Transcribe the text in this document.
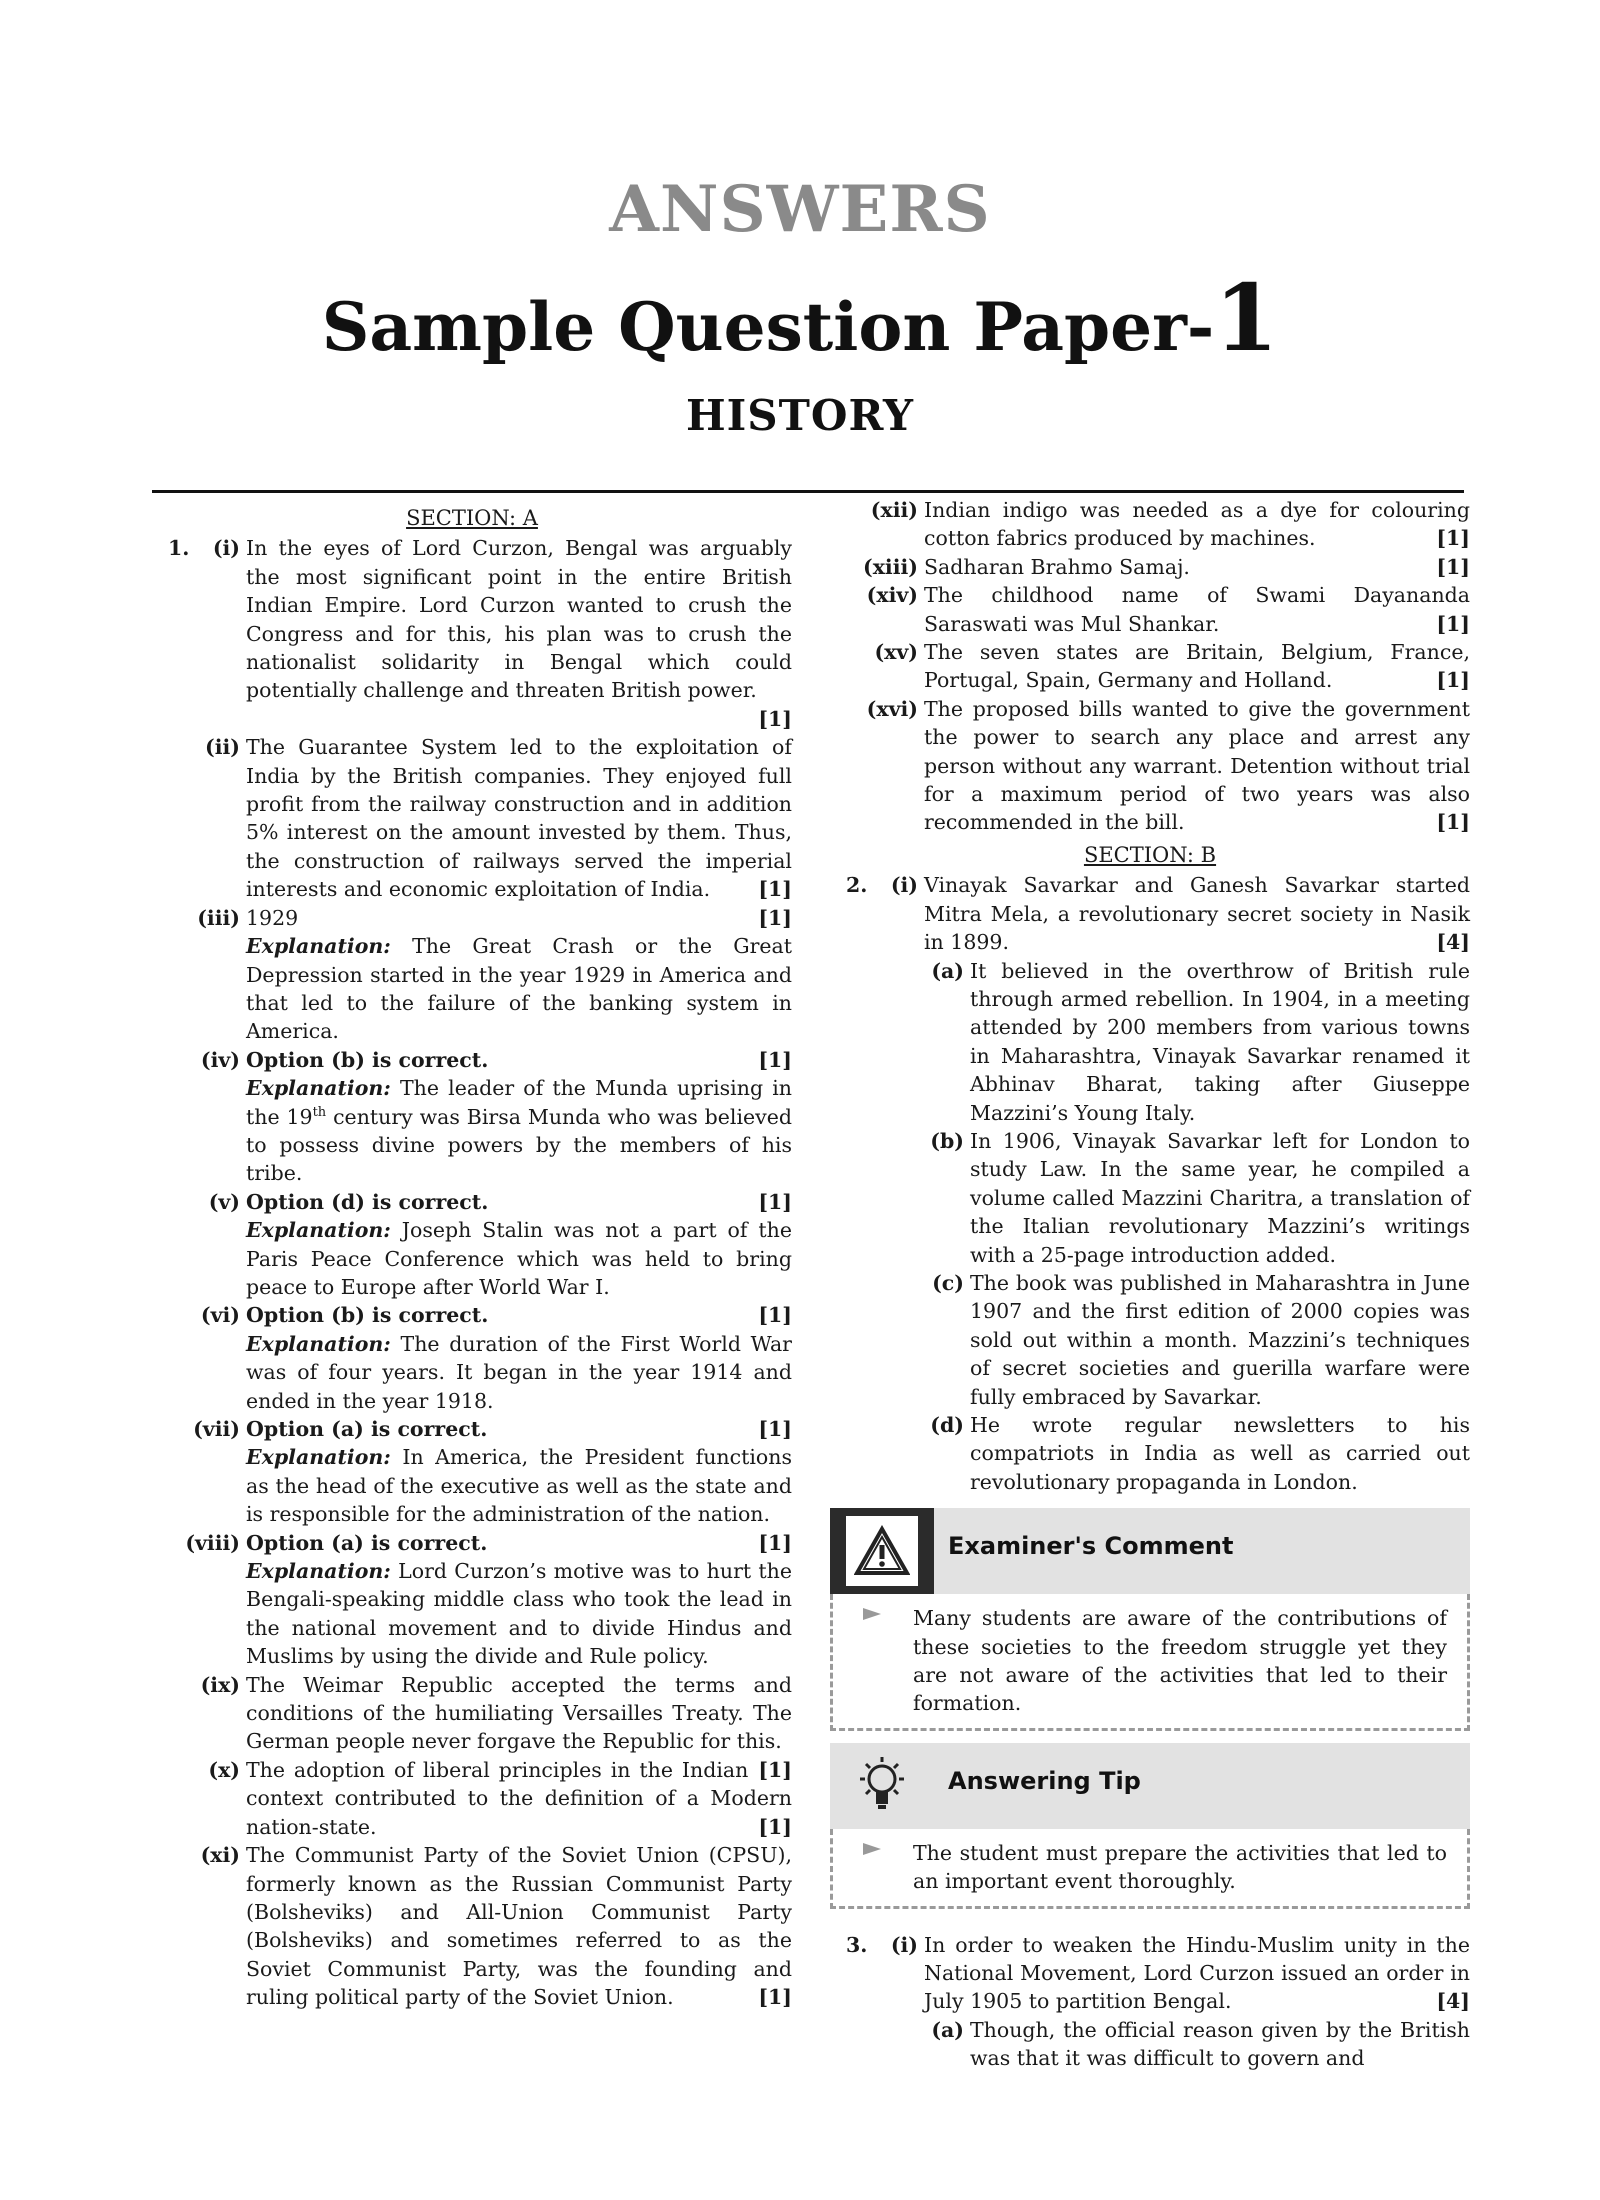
ANSWERS
Sample Question Paper-1
HISTORY
SECTION: A
1.	(i) In the eyes of Lord Curzon, Bengal was arguably the most significant point in the entire British Indian Empire. Lord Curzon wanted to crush the Congress and for this, his plan was to crush the nationalist solidarity in Bengal which could potentially challenge and threaten British power.
[1]
(ii) The Guarantee System led to the exploitation of India by the British companies. They enjoyed full profit from the railway construction and in addition 5% interest on the amount invested by them. Thus, the construction of railways served the imperial interests and economic exploitation of India. [1]
(iii)	[1]
1929
Explanation: The Great Crash or the Great Depression started in the year 1929 in America and that led to the failure of the banking system in America.
(iv)	[1]
Option (b) is correct.
Explanation: The leader of the Munda uprising in the 19th century was Birsa Munda who was believed to possess divine powers by the members of his tribe.
(v)	[1]
Option (d) is correct.
Explanation: Joseph Stalin was not a part of the Paris Peace Conference which was held to bring peace to Europe after World War I.
(vi)	[1]
Option (b) is correct.
Explanation: The duration of the First World War was of four years. It began in the year 1914 and ended in the year 1918.
(vii)	[1]
Option (a) is correct.
Explanation: In America, the President functions as the head of the executive as well as the state and is responsible for the administration of the nation.
(viii)	[1]
Option (a) is correct.
Explanation: Lord Curzon’s motive was to hurt the Bengali-speaking middle class who took the lead in the national movement and to divide Hindus and Muslims by using the divide and Rule policy.
(ix) The Weimar Republic accepted the terms and conditions of the humiliating Versailles Treaty. The German people never forgave the Republic for this.
[1]
(x) The adoption of liberal principles in the Indian context contributed to the definition of a Modern nation-state.	[1]
(xi) The Communist Party of the Soviet Union (CPSU), formerly known as the Russian Communist Party (Bolsheviks) and All-Union Communist Party (Bolsheviks) and sometimes referred to as the Soviet Communist Party, was the founding and ruling political party of the Soviet Union.	[1]
(xii) Indian indigo was needed as a dye for colouring cotton fabrics produced by machines.	[1]
(xiii)	[1]
Sadharan Brahmo Samaj.
(xiv) The childhood name of Swami Dayananda Saraswati was Mul Shankar.	[1]
(xv) The seven states are Britain, Belgium, France, Portugal, Spain, Germany and Holland.	[1]
(xvi) The proposed bills wanted to give the government the power to search any place and arrest any person without any warrant. Detention without trial for a maximum period of two years was also recommended in the bill.	[1]
SECTION: B
2.	(i) Vinayak Savarkar and Ganesh Savarkar started Mitra Mela, a revolutionary secret society in Nasik in 1899.	[4]
(a) It believed in the overthrow of British rule through armed rebellion. In 1904, in a meeting attended by 200 members from various towns in Maharashtra, Vinayak Savarkar renamed it Abhinav Bharat, taking after Giuseppe Mazzini’s Young Italy.
(b) In 1906, Vinayak Savarkar left for London to study Law. In the same year, he compiled a volume called Mazzini Charitra, a translation of the Italian revolutionary Mazzini’s writings with a 25-page introduction added.
(c) The book was published in Maharashtra in June 1907 and the first edition of 2000 copies was sold out within a month. Mazzini’s techniques of secret societies and guerilla warfare were fully embraced by Savarkar.
(d) He wrote regular newsletters to his compatriots in India as well as carried out revolutionary propaganda in London.
Examiner's Comment

Many students are aware of the contributions of these societies to the freedom struggle yet they are not aware of the activities that led to their formation.

Answering Tip

The student must prepare the activities that led to an important event thoroughly.

3.	(i) In order to weaken the Hindu-Muslim unity in the National Movement, Lord Curzon issued an order in July 1905 to partition Bengal.	[4]
(a) Though, the official reason given by the British was that it was difficult to govern and
